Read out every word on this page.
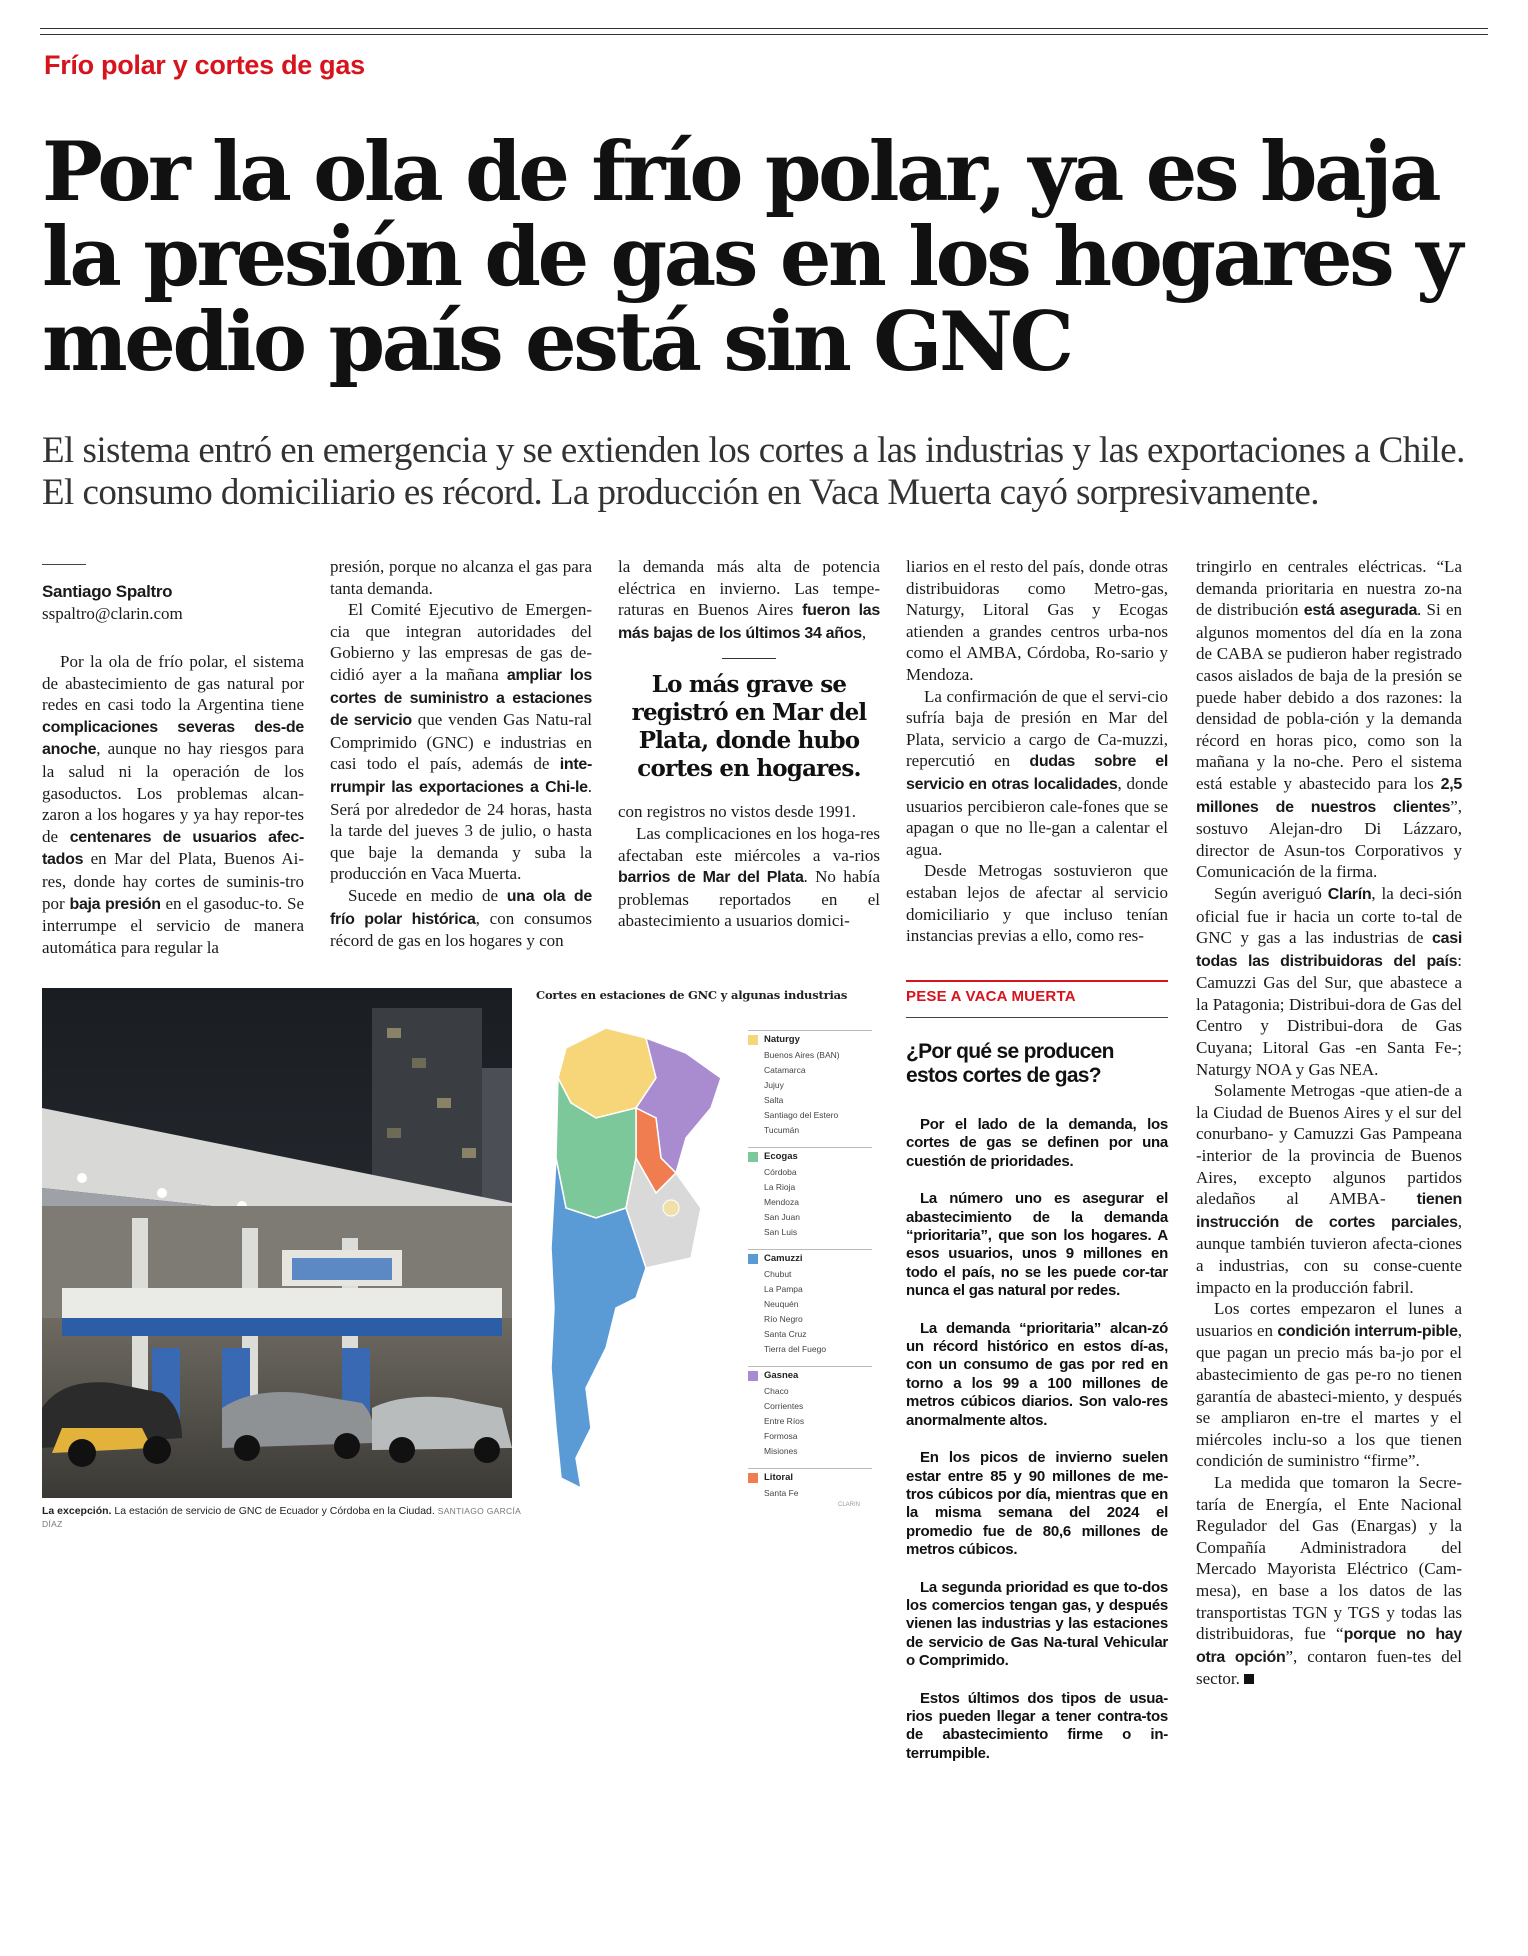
Frío polar y cortes de gas
Por la ola de frío polar, ya es baja la presión de gas en los hogares y medio país está sin GNC
El sistema entró en emergencia y se extienden los cortes a las industrias y las exportaciones a Chile. El consumo domiciliario es récord. La producción en Vaca Muerta cayó sorpresivamente.
Santiago Spaltro
sspaltro@clarin.com

Por la ola de frío polar, el sistema de abastecimiento de gas natural por redes en casi todo la Argentina tiene complicaciones severas des-de anoche, aunque no hay riesgos para la salud ni la operación de los gasoductos. Los problemas alcan-zaron a los hogares y ya hay repor-tes de centenares de usuarios afec-tados en Mar del Plata, Buenos Ai-res, donde hay cortes de suminis-tro por baja presión en el gasoduc-to. Se interrumpe el servicio de manera automática para regular la

presión, porque no alcanza el gas para tanta demanda.

El Comité Ejecutivo de Emergen-cia que integran autoridades del Gobierno y las empresas de gas de-cidió ayer a la mañana ampliar los cortes de suministro a estaciones de servicio que venden Gas Natu-ral Comprimido (GNC) e industrias en casi todo el país, además de inte-rrumpir las exportaciones a Chi-le. Será por alrededor de 24 horas, hasta la tarde del jueves 3 de julio, o hasta que baje la demanda y suba la producción en Vaca Muerta.

Sucede en medio de una ola de frío polar histórica, con consumos récord de gas en los hogares y con

la demanda más alta de potencia eléctrica en invierno. Las tempe-raturas en Buenos Aires fueron las más bajas de los últimos 34 años,

Lo más grave se registró en Mar del Plata, donde hubo cortes en hogares.

con registros no vistos desde 1991.

Las complicaciones en los hoga-res afectaban este miércoles a va-rios barrios de Mar del Plata. No había problemas reportados en el abastecimiento a usuarios domici-

liarios en el resto del país, donde otras distribuidoras como Metro-gas, Naturgy, Litoral Gas y Ecogas atienden a grandes centros urba-nos como el AMBA, Córdoba, Ro-sario y Mendoza.

La confirmación de que el servi-cio sufría baja de presión en Mar del Plata, servicio a cargo de Ca-muzzi, repercutió en dudas sobre el servicio en otras localidades, donde usuarios percibieron cale-fones que se apagan o que no lle-gan a calentar el agua.

Desde Metrogas sostuvieron que estaban lejos de afectar al servicio domiciliario y que incluso tenían instancias previas a ello, como res-

tringirlo en centrales eléctricas. “La demanda prioritaria en nuestra zo-na de distribución está asegurada. Si en algunos momentos del día en la zona de CABA se pudieron haber registrado casos aislados de baja de la presión se puede haber debido a dos razones: la densidad de pobla-ción y la demanda récord en horas pico, como son la mañana y la no-che. Pero el sistema está estable y abastecido para los 2,5 millones de nuestros clientes”, sostuvo Alejan-dro Di Lázzaro, director de Asun-tos Corporativos y Comunicación de la firma.

Según averiguó Clarín, la deci-sión oficial fue ir hacia un corte to-tal de GNC y gas a las industrias de casi todas las distribuidoras del país: Camuzzi Gas del Sur, que abastece a la Patagonia; Distribui-dora de Gas del Centro y Distribui-dora de Gas Cuyana; Litoral Gas -en Santa Fe-; Naturgy NOA y Gas NEA.

Solamente Metrogas -que atien-de a la Ciudad de Buenos Aires y el sur del conurbano- y Camuzzi Gas Pampeana -interior de la provincia de Buenos Aires, excepto algunos partidos aledaños al AMBA- tienen instrucción de cortes parciales, aunque también tuvieron afecta-ciones a industrias, con su conse-cuente impacto en la producción fabril.

Los cortes empezaron el lunes a usuarios en condición interrum-pible, que pagan un precio más ba-jo por el abastecimiento de gas pe-ro no tienen garantía de abasteci-miento, y después se ampliaron en-tre el martes y el miércoles inclu-so a los que tienen condición de suministro “firme”.

La medida que tomaron la Secre-taría de Energía, el Ente Nacional Regulador del Gas (Enargas) y la Compañía Administradora del Mercado Mayorista Eléctrico (Cam-mesa), en base a los datos de las transportistas TGN y TGS y todas las distribuidoras, fue “porque no hay otra opción”, contaron fuen-tes del sector.

La excepción. La estación de servicio de GNC de Ecuador y Córdoba en la Ciudad. SANTIAGO GARCÍA DÍAZ
Cortes en estaciones de GNC y algunas industrias
Naturgy
Buenos Aires (BAN)
Catamarca
Jujuy
Salta
Santiago del Estero
Tucumán
Ecogas
Córdoba
La Rioja
Mendoza
San Juan
San Luis
Camuzzi
Chubut
La Pampa
Neuquén
Río Negro
Santa Cruz
Tierra del Fuego
Gasnea
Chaco
Corrientes
Entre Ríos
Formosa
Misiones
Litoral
Santa Fe
CLARIN
PESE A VACA MUERTA
¿Por qué se producen estos cortes de gas?

Por el lado de la demanda, los cortes de gas se definen por una cuestión de prioridades.

La número uno es asegurar el abastecimiento de la demanda “prioritaria”, que son los hogares. A esos usuarios, unos 9 millones en todo el país, no se les puede cor-tar nunca el gas natural por redes.

La demanda “prioritaria” alcan-zó un récord histórico en estos dí-as, con un consumo de gas por red en torno a los 99 a 100 millones de metros cúbicos diarios. Son valo-res anormalmente altos.

En los picos de invierno suelen estar entre 85 y 90 millones de me-tros cúbicos por día, mientras que en la misma semana del 2024 el promedio fue de 80,6 millones de metros cúbicos.

La segunda prioridad es que to-dos los comercios tengan gas, y después vienen las industrias y las estaciones de servicio de Gas Na-tural Vehicular o Comprimido.

Estos últimos dos tipos de usua-rios pueden llegar a tener contra-tos de abastecimiento firme o in-terrumpible.
